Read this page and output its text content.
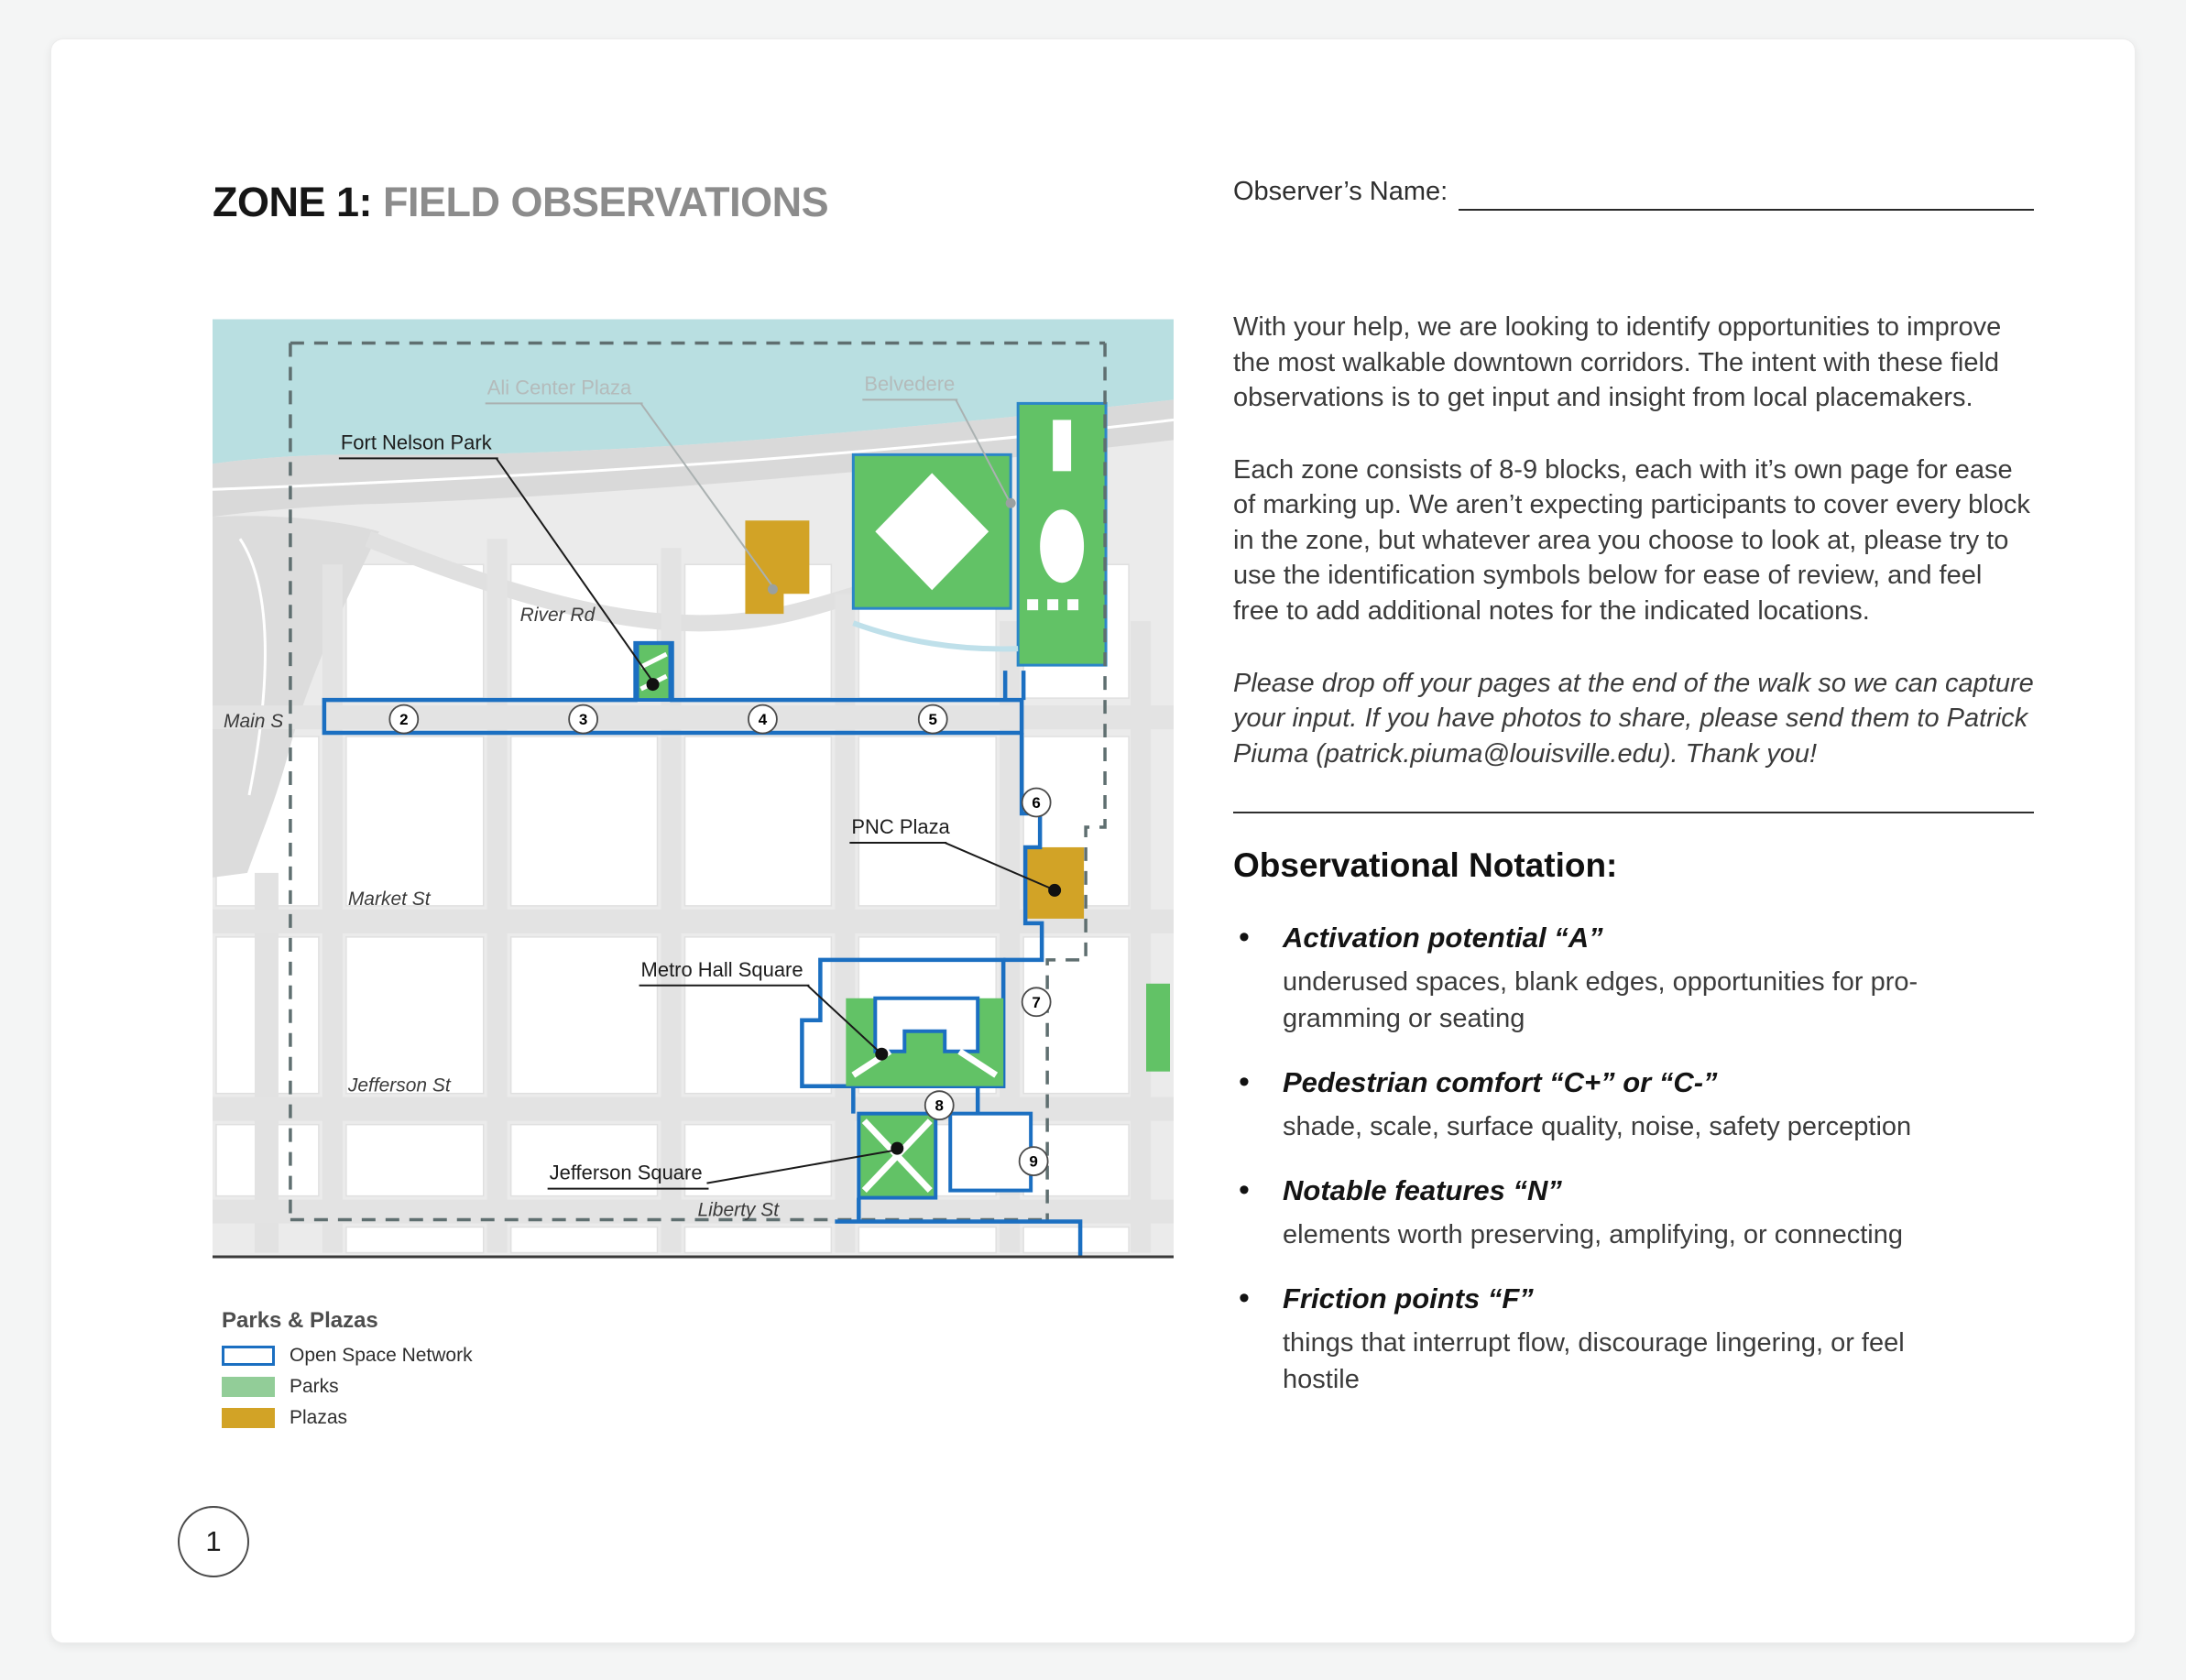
ZONE 1: FIELD OBSERVATIONS	Observer’s Name:

With your help, we are looking to identify opportunities to improve the most walkable downtown corridors. The intent with these field observations is to get input and insight from local placemakers.

Each zone consists of 8-9 blocks, each with it’s own page for ease of marking up. We aren’t expecting participants to cover every block in the zone, but whatever area you choose to look at, please try to use the identification symbols below for ease of review, and feel free to add additional notes for the indicated locations.

Please drop off your pages at the end of the walk so we can capture your input. If you have photos to share, please send them to Patrick Piuma (patrick.piuma@louisville.edu). Thank you!

Observational Notation:
• Activation potential “A”
underused spaces, blank edges, opportunities for pro-gramming or seating
• Pedestrian comfort “C+” or “C-”
shade, scale, surface quality, noise, safety perception
• Notable features “N”
elements worth preserving, amplifying, or connecting
• Friction points “F”
things that interrupt flow, discourage lingering, or feel hostile
Fort Nelson Park
Ali Center Plaza	Belvedere
PNC Plaza
Metro Hall Square
Jefferson Square
Main S
Market St
Jefferson St
Liberty St
River Rd
2	3	4	5
6
7
8
9
Parks & Plazas
Open Space Network
Parks
Plazas
1
